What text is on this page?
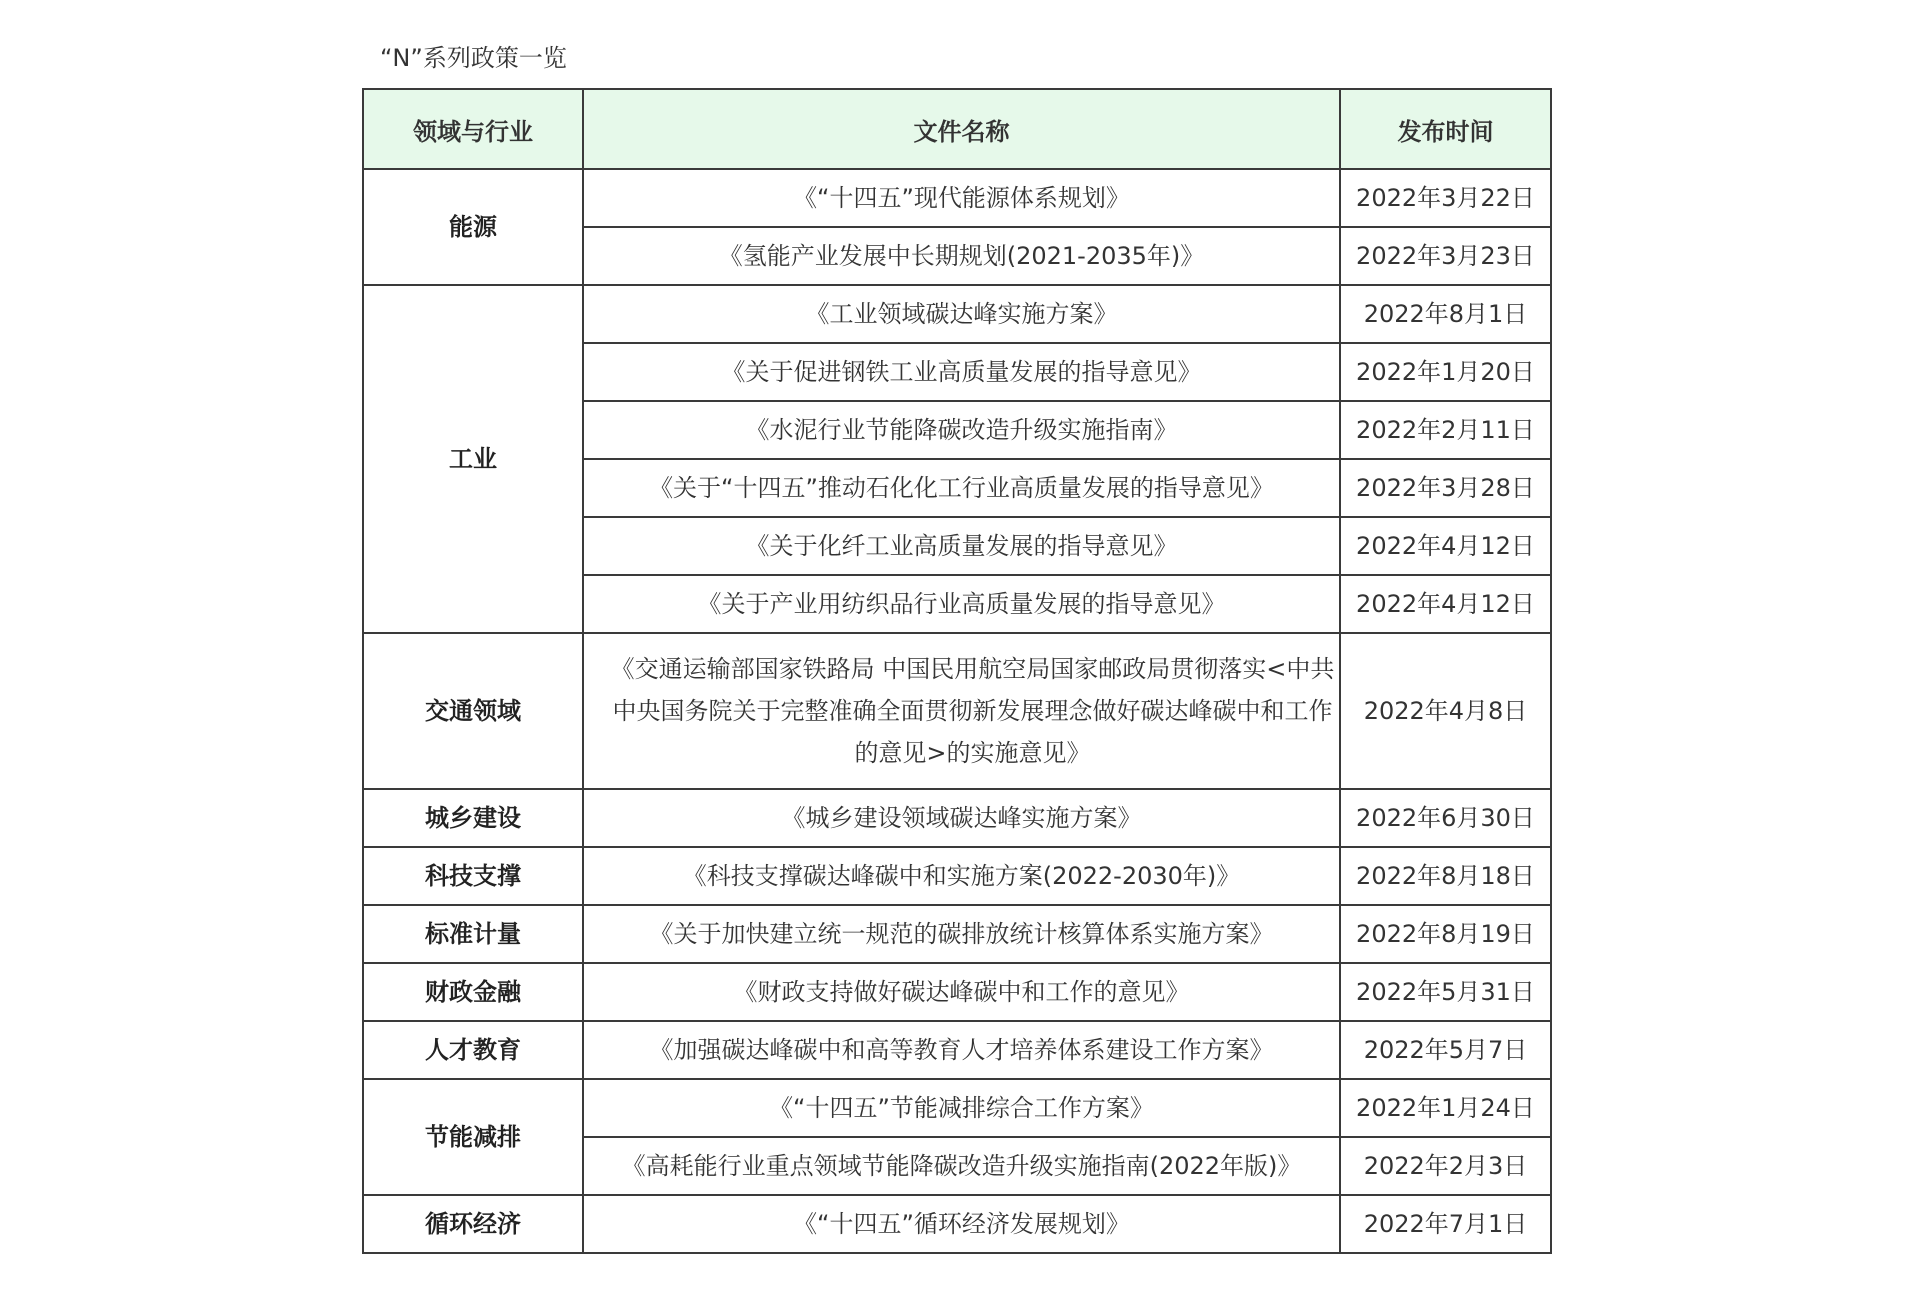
“N”系列政策一览
领域与行业	文件名称	发布时间
能源	《“十四五”现代能源体系规划》	2022年3月22日
	《氢能产业发展中长期规划(2021-2035年)》	2022年3月23日
工业	《工业领域碳达峰实施方案》	2022年8月1日
	《关于促进钢铁工业高质量发展的指导意见》	2022年1月20日
	《水泥行业节能降碳改造升级实施指南》	2022年2月11日
	《关于“十四五”推动石化化工行业高质量发展的指导意见》	2022年3月28日
	《关于化纤工业高质量发展的指导意见》	2022年4月12日
	《关于产业用纺织品行业高质量发展的指导意见》	2022年4月12日
交通领域	《交通运输部国家铁路局 中国民用航空局国家邮政局贯彻落实<中共中央国务院关于完整准确全面贯彻新发展理念做好碳达峰碳中和工作的意见>的实施意见》	2022年4月8日
城乡建设	《城乡建设领域碳达峰实施方案》	2022年6月30日
科技支撑	《科技支撑碳达峰碳中和实施方案(2022-2030年)》	2022年8月18日
标准计量	《关于加快建立统一规范的碳排放统计核算体系实施方案》	2022年8月19日
财政金融	《财政支持做好碳达峰碳中和工作的意见》	2022年5月31日
人才教育	《加强碳达峰碳中和高等教育人才培养体系建设工作方案》	2022年5月7日
节能减排	《“十四五”节能减排综合工作方案》	2022年1月24日
	《高耗能行业重点领域节能降碳改造升级实施指南(2022年版)》	2022年2月3日
循环经济	《“十四五”循环经济发展规划》	2022年7月1日
